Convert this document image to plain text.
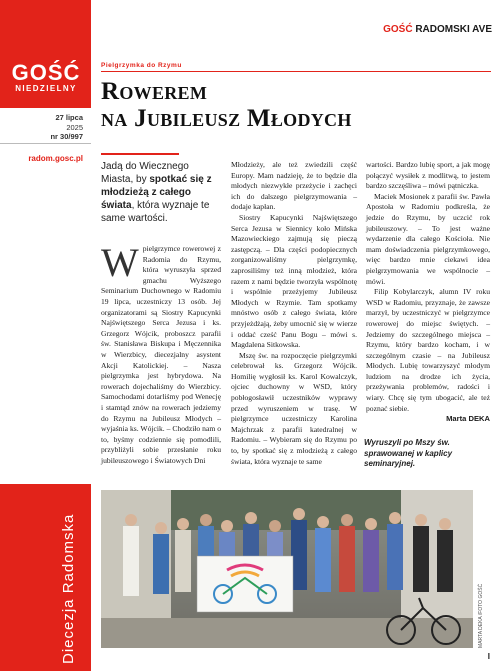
GOŚĆ
NIEDZIELNY
27 lipca
2025
nr 30/997
radom.gosc.pl
Diecezja Radomska
GOŚĆ RADOMSKI AVE
Pielgrzymka do Rzymu
Rowerem
na Jubileusz Młodych
Jadą do Wiecznego Miasta, by spotkać się z młodzieżą z całego świata, która wyznaje te same wartości.

Wpielgrzymce rowerowej z Radomia do Rzymu, która wyruszyła sprzed gmachu Wyższego Seminarium Duchownego w Radomiu 19 lipca, uczestniczy 13 osób. Jej organizatorami są Siostry Kapucynki Najświętszego Serca Jezusa i ks. Grzegorz Wójcik, proboszcz parafii św. Stanisława Biskupa i Męczennika w Wierzbicy, diecezjalny asystent Akcji Katolickiej. – Nasza pielgrzymka jest hybrydowa. Na rowerach dojechaliśmy do Wierzbicy. Samochodami dotarliśmy pod Wenecję i stamtąd znów na rowerach jedziemy do Rzymu na Jubileusz Młodych – wyjaśnia ks. Wójcik. – Chodziło nam o to, byśmy codziennie się pomodlili, przybliżyli sobie przesłanie roku jubileuszowego i Światowych Dni

Młodzieży, ale też zwiedzili część Europy. Mam nadzieję, że to będzie dla młodych niezwykłe przeżycie i zachęci ich do dalszego pielgrzymowania – dodaje kapłan.

Siostry Kapucynki Najświętszego Serca Jezusa w Siennicy koło Mińska Mazowieckiego zajmują się pieczą zastępczą. – Dla części podopiecznych zorganizowaliśmy pielgrzymkę, zaprosiliśmy też inną młodzież, która razem z nami będzie tworzyła wspólnotę i wspólnie przeżyjemy Jubileusz Młodych w Rzymie. Tam spotkamy mnóstwo osób z całego świata, które przyjeżdżają, żeby umocnić się w wierze i oddać cześć Panu Bogu – mówi s. Magdalena Sitkowska.

Mszę św. na rozpoczęcie pielgrzymki celebrował ks. Grzegorz Wójcik. Homilię wygłosił ks. Karol Kowalczyk, ojciec duchowny w WSD, który pobłogosławił uczestników wyprawy przed wyruszeniem w trasę. W pielgrzymce uczestniczy Karolina Majchrzak z parafii katedralnej w Radomiu. – Wybieram się do Rzymu po to, by spotkać się z młodzieżą z całego świata, która wyznaje te same

wartości. Bardzo lubię sport, a jak mogę połączyć wysiłek z modlitwą, to jestem bardzo szczęśliwa – mówi pątniczka.

Maciek Mosionek z parafii św. Pawła Apostoła w Radomiu podkreśla, że jedzie do Rzymu, by uczcić rok jubileuszowy. – To jest ważne wydarzenie dla całego Kościoła. Nie mam doświadczenia pielgrzymkowego, więc bardzo mnie ciekawi idea pielgrzymowania we wspólnocie – mówi.

Filip Kobylarczyk, alumn IV roku WSD w Radomiu, przyznaje, że zawsze marzył, by uczestniczyć w pielgrzymce rowerowej do miejsc świętych. – Jedziemy do szczególnego miejsca – Rzymu, który bardzo kocham, i w szczególnym czasie – na Jubileusz Młodych. Lubię towarzyszyć młodym ludziom na drodze ich życia, przeżywania problemów, radości i wiary. Chcę się tym ubogacić, ale też poznać siebie.

Marta DEKA
Wyruszyli po Mszy św. sprawowanej w kaplicy seminaryjnej.
MARTA DEKA /FOTO GOŚĆ
I
